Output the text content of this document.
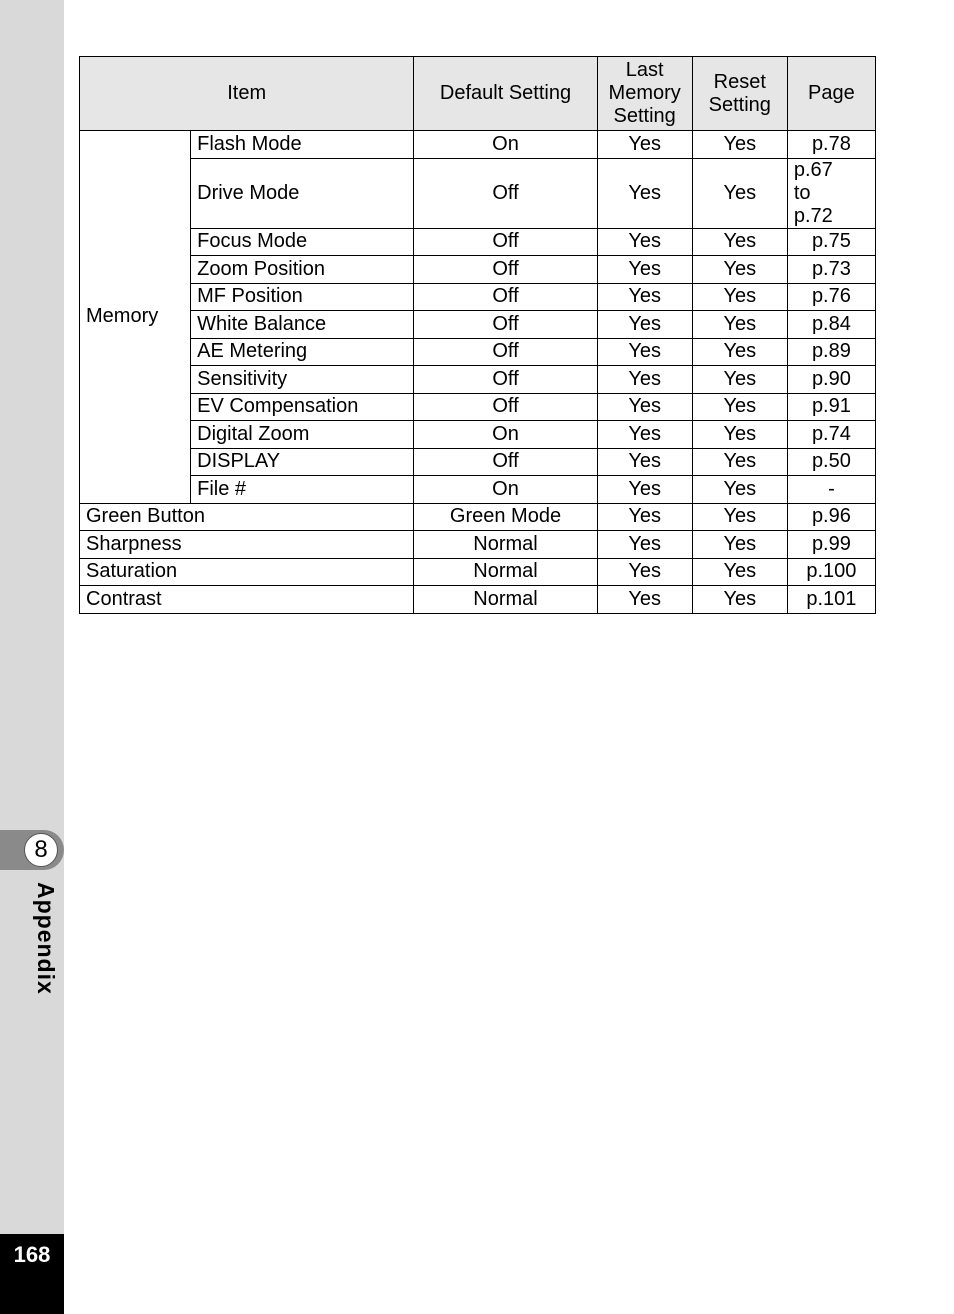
8
Appendix
168
Item		Default Setting	Last Memory Setting	Reset Setting	Page
Memory	Flash Mode	On	Yes	Yes	p.78
	Drive Mode	Off	Yes	Yes	p.67
to
p.72

	Focus Mode	Off	Yes	Yes	p.75
	Zoom Position	Off	Yes	Yes	p.73
	MF Position	Off	Yes	Yes	p.76
	White Balance	Off	Yes	Yes	p.84
	AE Metering	Off	Yes	Yes	p.89
	Sensitivity	Off	Yes	Yes	p.90
	EV Compensation	Off	Yes	Yes	p.91
	Digital Zoom	On	Yes	Yes	p.74
	DISPLAY	Off	Yes	Yes	p.50
	File #	On	Yes	Yes	-
Green Button		Green Mode	Yes	Yes	p.96
Sharpness		Normal	Yes	Yes	p.99
Saturation		Normal	Yes	Yes	p.100
Contrast		Normal	Yes	Yes	p.101
